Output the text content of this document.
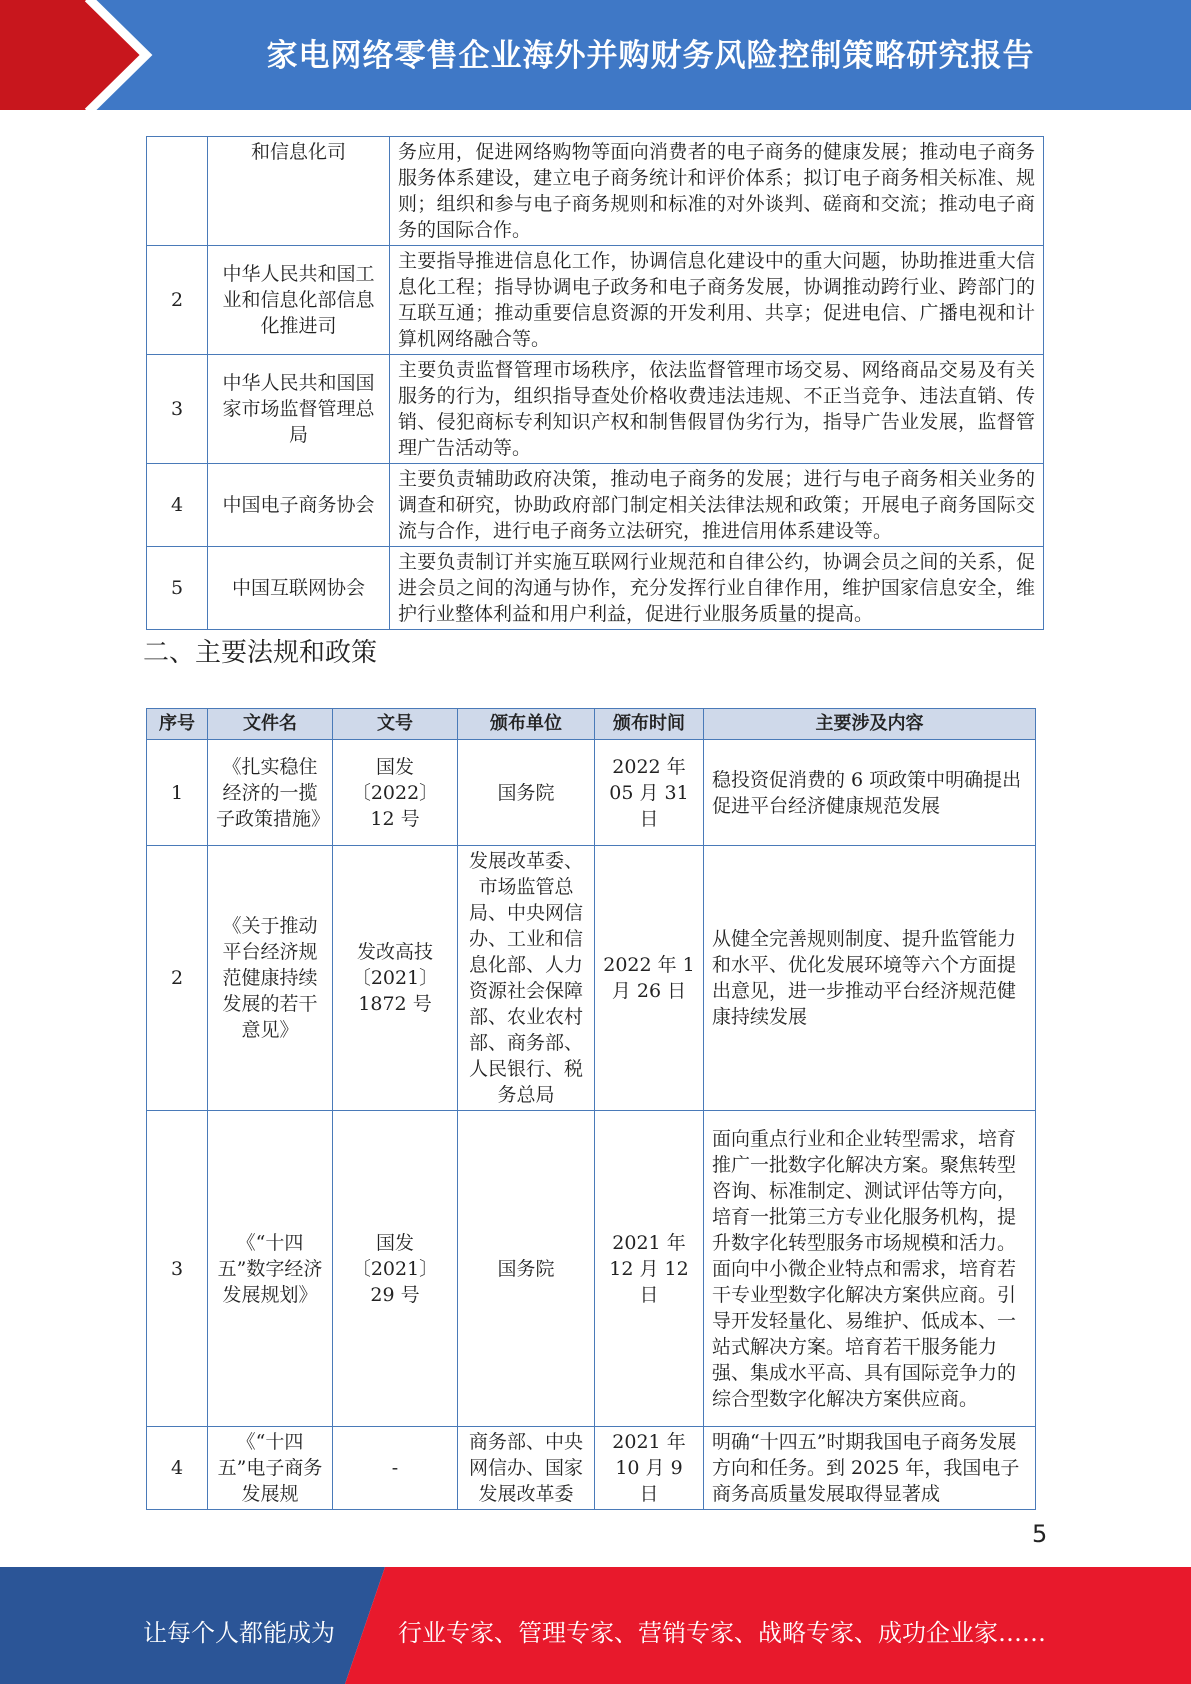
家电网络零售企业海外并购财务风险控制策略研究报告
	和信息化司	务应用，促进网络购物等面向消费者的电子商务的健康发展；推动电子商务服务体系建设，建立电子商务统计和评价体系；拟订电子商务相关标准、规则；组织和参与电子商务规则和标准的对外谈判、磋商和交流；推动电子商务的国际合作。
2	中华人民共和国工业和信息化部信息化推进司	主要指导推进信息化工作，协调信息化建设中的重大问题，协助推进重大信息化工程；指导协调电子政务和电子商务发展，协调推动跨行业、跨部门的互联互通；推动重要信息资源的开发利用、共享；促进电信、广播电视和计算机网络融合等。
3	中华人民共和国国家市场监督管理总局	主要负责监督管理市场秩序，依法监督管理市场交易、网络商品交易及有关服务的行为，组织指导查处价格收费违法违规、不正当竞争、违法直销、传销、侵犯商标专利知识产权和制售假冒伪劣行为，指导广告业发展，监督管理广告活动等。
4	中国电子商务协会	主要负责辅助政府决策，推动电子商务的发展；进行与电子商务相关业务的调查和研究，协助政府部门制定相关法律法规和政策；开展电子商务国际交流与合作，进行电子商务立法研究，推进信用体系建设等。
5	中国互联网协会	主要负责制订并实施互联网行业规范和自律公约，协调会员之间的关系，促进会员之间的沟通与协作，充分发挥行业自律作用，维护国家信息安全，维护行业整体利益和用户利益，促进行业服务质量的提高。
二、主要法规和政策
序号	文件名	文号	颁布单位	颁布时间	主要涉及内容
1	《扎实稳住经济的一揽子政策措施》	国发〔2022〕12 号	国务院	2022 年 05 月 31 日	稳投资促消费的 6 项政策中明确提出促进平台经济健康规范发展
2	《关于推动平台经济规范健康持续发展的若干意见》	发改高技〔2021〕1872 号	发展改革委、市场监管总局、中央网信办、工业和信息化部、人力资源社会保障部、农业农村部、商务部、人民银行、税务总局	2022 年 1 月 26 日	从健全完善规则制度、提升监管能力和水平、优化发展环境等六个方面提出意见，进一步推动平台经济规范健康持续发展
3	《“十四五”数字经济发展规划》	国发〔2021〕29 号	国务院	2021 年 12 月 12 日	面向重点行业和企业转型需求，培育推广一批数字化解决方案。聚焦转型咨询、标准制定、测试评估等方向，培育一批第三方专业化服务机构，提升数字化转型服务市场规模和活力。面向中小微企业特点和需求，培育若干专业型数字化解决方案供应商。引导开发轻量化、易维护、低成本、一站式解决方案。培育若干服务能力强、集成水平高、具有国际竞争力的综合型数字化解决方案供应商。
4	《“十四五”电子商务发展规	-	商务部、中央网信办、国家发展改革委	2021 年 10 月 9 日	明确“十四五”时期我国电子商务发展方向和任务。到 2025 年，我国电子商务高质量发展取得显著成
5
让每个人都能成为	行业专家、管理专家、营销专家、战略专家、成功企业家……
